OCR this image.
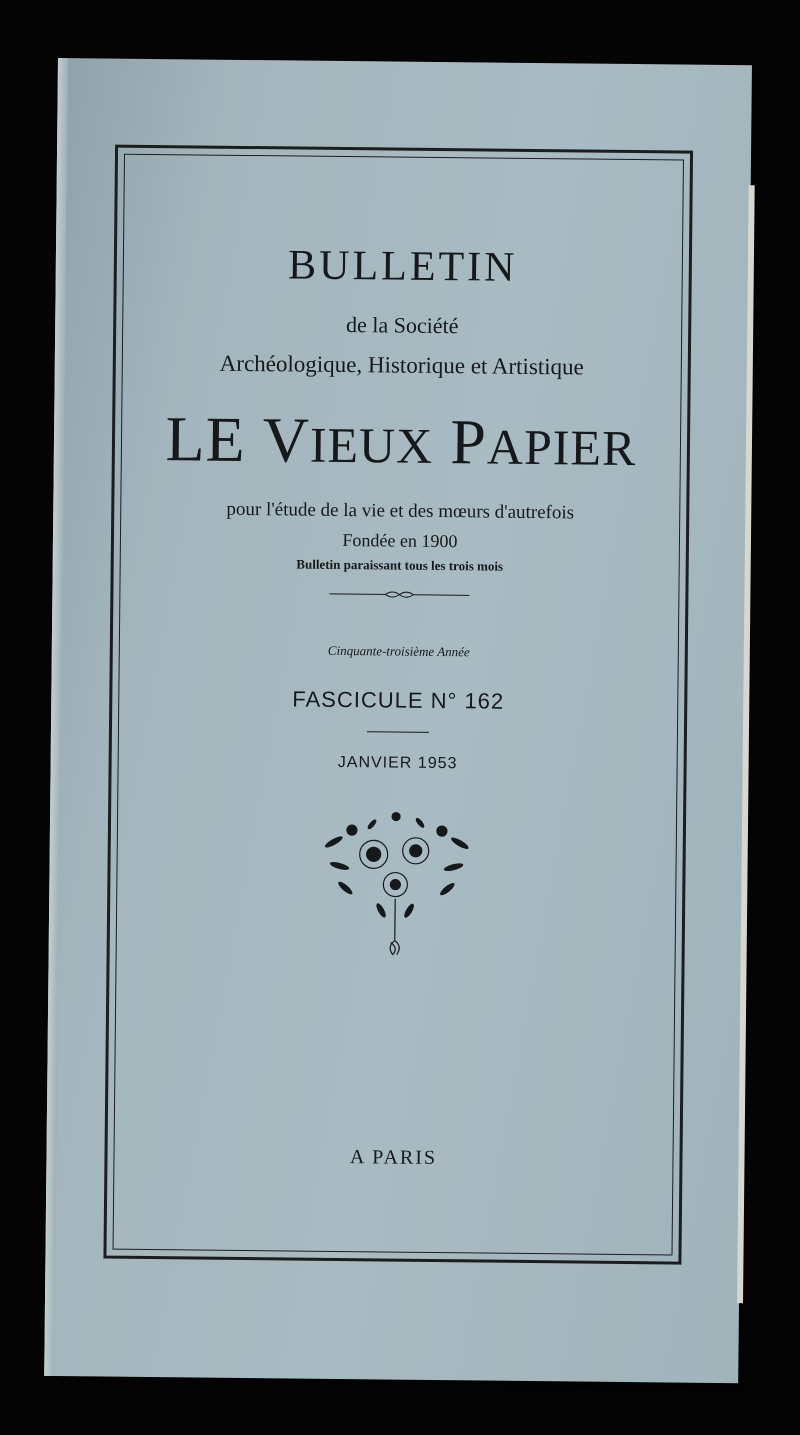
BULLETIN
de la Société
Archéologique, Historique et Artistique
LE VIEUX PAPIER
pour l'étude de la vie et des mœurs d'autrefois
Fondée en 1900
Bulletin paraissant tous les trois mois
Cinquante-troisième Année
FASCICULE N° 162
JANVIER 1953
A PARIS
